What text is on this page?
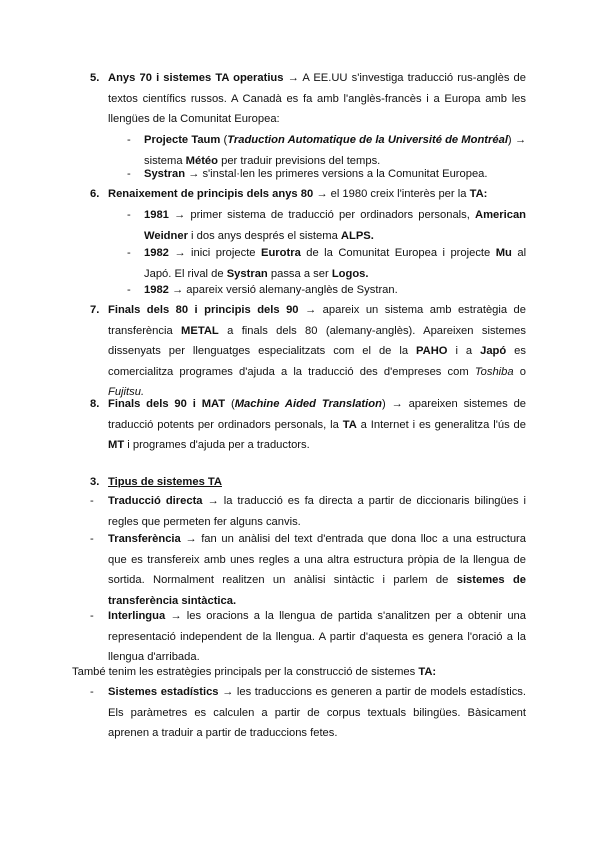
5. Anys 70 i sistemes TA operatius → A EE.UU s'investiga traducció rus-anglès de textos científics russos. A Canadà es fa amb l'anglès-francès i a Europa amb les llengües de la Comunitat Europea:
- Projecte Taum (Traduction Automatique de la Université de Montréal) → sistema Météo per traduir previsions del temps.
- Systran → s'instal·len les primeres versions a la Comunitat Europea.
6. Renaixement de principis dels anys 80 → el 1980 creix l'interès per la TA:
- 1981 → primer sistema de traducció per ordinadors personals, American Weidner i dos anys després el sistema ALPS.
- 1982 → inici projecte Eurotra de la Comunitat Europea i projecte Mu al Japó. El rival de Systran passa a ser Logos.
- 1982 → apareix versió alemany-anglès de Systran.
7. Finals dels 80 i principis dels 90 → apareix un sistema amb estratègia de transferència METAL a finals dels 80 (alemany-anglès). Apareixen sistemes dissenyats per llenguatges especialitzats com el de la PAHO i a Japó es comercialitza programes d'ajuda a la traducció des d'empreses com Toshiba o Fujitsu.
8. Finals dels 90 i MAT (Machine Aided Translation) → apareixen sistemes de traducció potents per ordinadors personals, la TA a Internet i es generalitza l'ús de MT i programes d'ajuda per a traductors.
3. Tipus de sistemes TA
- Traducció directa → la traducció es fa directa a partir de diccionaris bilingües i regles que permeten fer alguns canvis.
- Transferència → fan un anàlisi del text d'entrada que dona lloc a una estructura que es transfereix amb unes regles a una altra estructura pròpia de la llengua de sortida. Normalment realitzen un anàlisi sintàctic i parlem de sistemes de transferència sintàctica.
- Interlingua → les oracions a la llengua de partida s'analitzen per a obtenir una representació independent de la llengua. A partir d'aquesta es genera l'oració a la llengua d'arribada.
També tenim les estratègies principals per la construcció de sistemes TA:
- Sistemes estadístics → les traduccions es generen a partir de models estadístics. Els paràmetres es calculen a partir de corpus textuals bilingües. Bàsicament aprenen a traduir a partir de traduccions fetes.
